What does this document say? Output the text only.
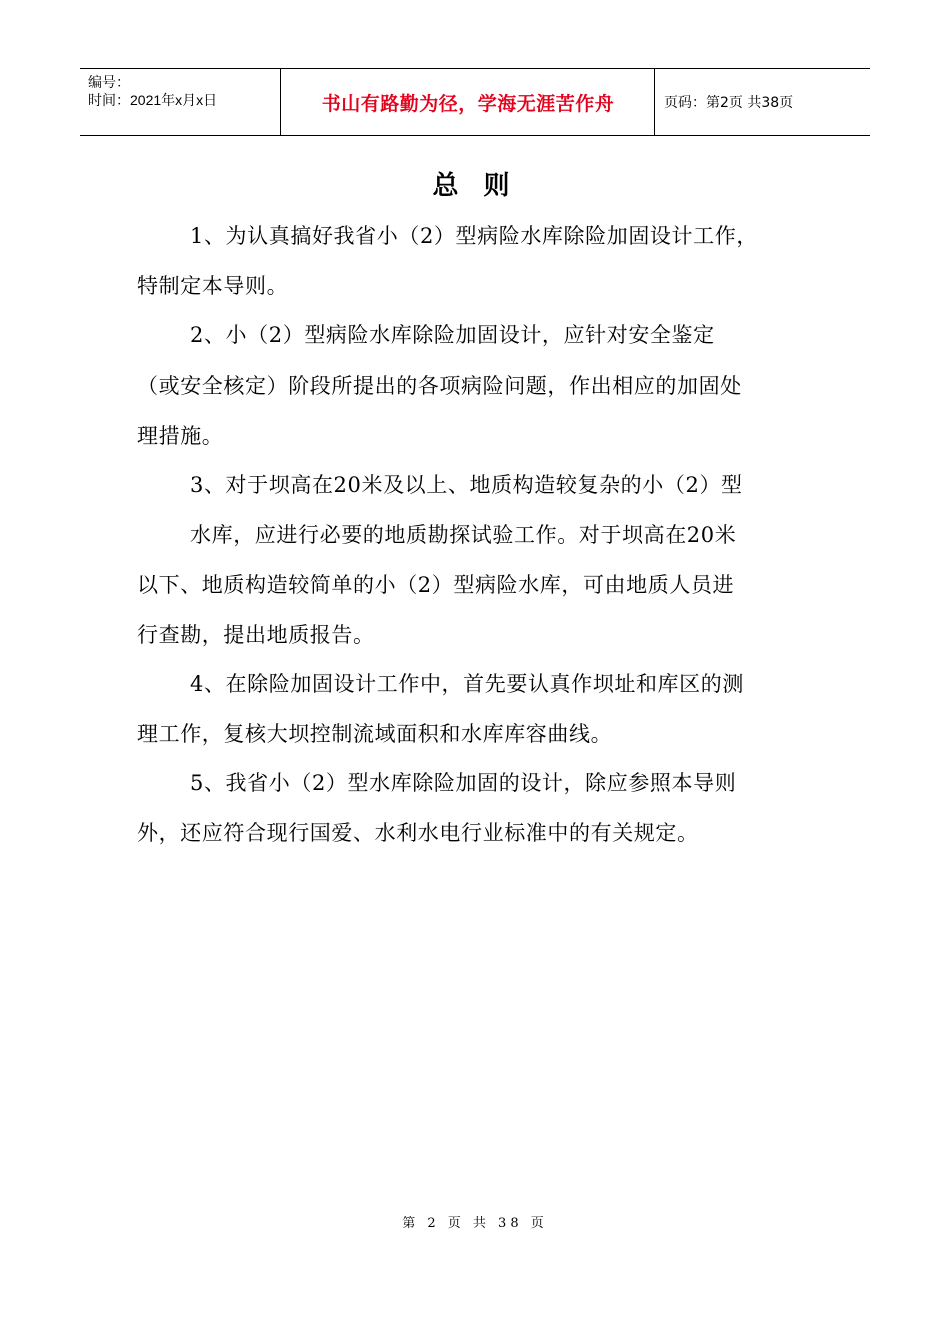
编号：
时间：2021年x月x日	书山有路勤为径，学海无涯苦作舟	页码：第2页 共38页
总 则
1、为认真搞好我省小（2）型病险水库除险加固设计工作，
特制定本导则。
2、小（2）型病险水库除险加固设计，应针对安全鉴定
（或安全核定）阶段所提出的各项病险问题，作出相应的加固处
理措施。
3、对于坝高在20米及以上、地质构造较复杂的小（2）型
水库，应进行必要的地质勘探试验工作。对于坝高在20米
以下、地质构造较简单的小（2）型病险水库，可由地质人员进
行查勘，提出地质报告。
4、在除险加固设计工作中，首先要认真作坝址和库区的测
理工作，复核大坝控制流域面积和水库库容曲线。
5、我省小（2）型水库除险加固的设计，除应参照本导则
外，还应符合现行国爱、水利水电行业标准中的有关规定。
第 2 页 共 38 页
